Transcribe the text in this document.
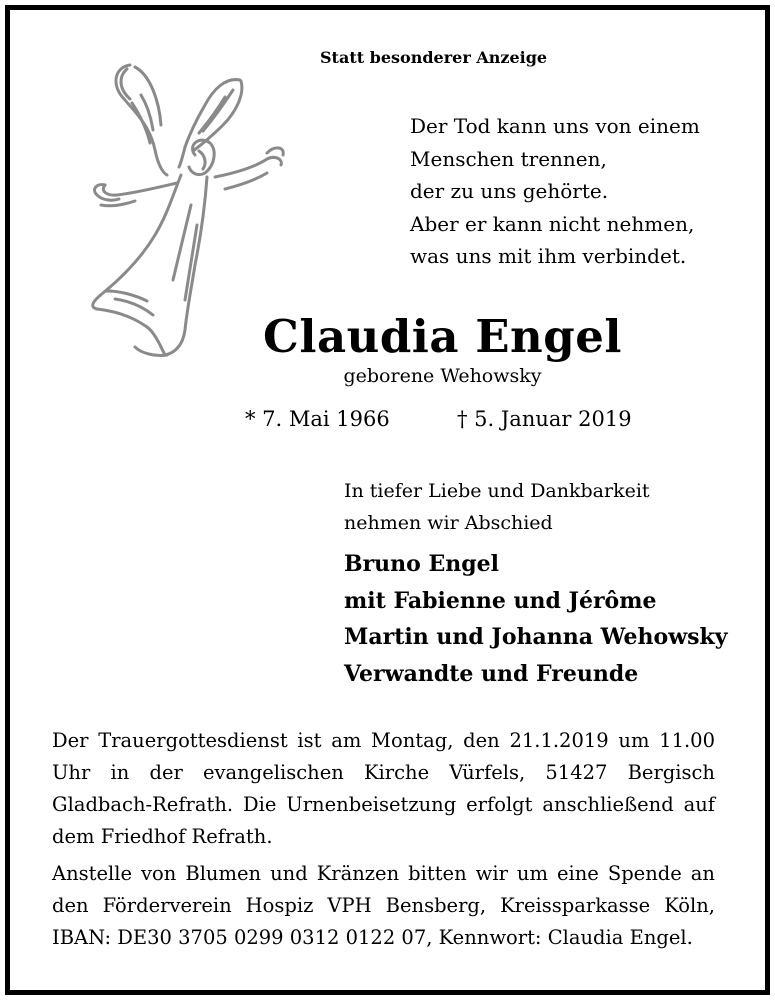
Statt besonderer Anzeige
Der Tod kann uns von einem
Menschen trennen,
der zu uns gehörte.
Aber er kann nicht nehmen,
was uns mit ihm verbindet.
Claudia Engel
geborene Wehowsky
* 7. Mai 1966	† 5. Januar 2019
In tiefer Liebe und Dankbarkeit
nehmen wir Abschied
Bruno Engel
mit Fabienne und Jérôme
Martin und Johanna Wehowsky
Verwandte und Freunde
Der Trauergottesdienst ist am Montag, den 21.1.2019 um 11.00 Uhr in der evangelischen Kirche Vürfels, 51427 Bergisch Gladbach-Refrath. Die Urnenbeisetzung erfolgt anschließend auf dem Friedhof Refrath.
Anstelle von Blumen und Kränzen bitten wir um eine Spende an den Förderverein Hospiz VPH Bensberg, Kreissparkasse Köln, IBAN: DE30 3705 0299 0312 0122 07, Kennwort: Claudia Engel.
